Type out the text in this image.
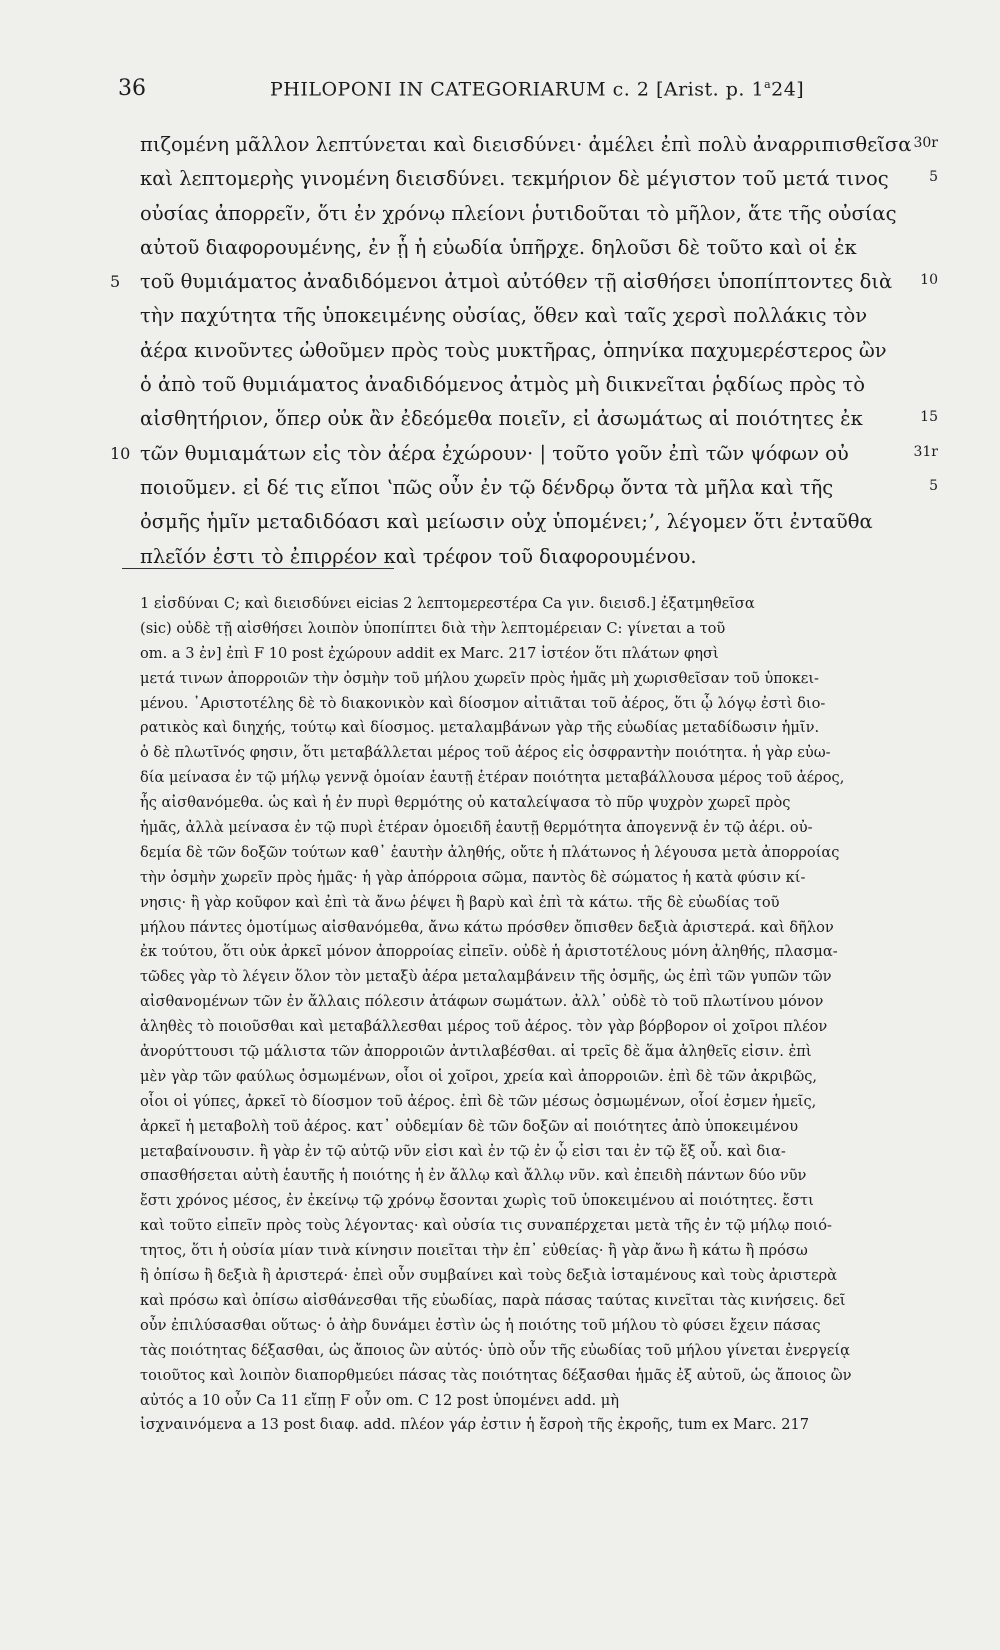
36	PHILOPONI IN CATEGORIARUM c. 2 [Arist. p. 1$^a$24]
πιζομένη μᾶλλον λεπτύνεται καὶ διεισδύνει· ἀμέλει ἐπὶ πολὺ ἀναρριπισθεῖσα 30r
καὶ λεπτομερὴς γινομένη διεισδύνει. τεκμήριον δὲ μέγιστον τοῦ μετά τινος	5
οὐσίας ἀπορρεῖν, ὅτι ἐν χρόνῳ πλείονι ῥυτιδοῦται τὸ μῆλον, ἅτε τῆς οὐσίας
αὐτοῦ διαφορουμένης, ἐν ᾗ ἡ εὐωδία ὑπῆρχε. δηλοῦσι δὲ τοῦτο καὶ οἱ ἐκ
5 τοῦ θυμιάματος ἀναδιδόμενοι ἀτμοὶ αὐτόθεν τῇ αἰσθήσει ὑποπίπτοντες διὰ 10
τὴν παχύτητα τῆς ὑποκειμένης οὐσίας, ὅθεν καὶ ταῖς χερσὶ πολλάκις τὸν
ἀέρα κινοῦντες ὠθοῦμεν πρὸς τοὺς μυκτῆρας, ὁπηνίκα παχυμερέστερος ὢν
ὁ ἀπὸ τοῦ θυμιάματος ἀναδιδόμενος ἀτμὸς μὴ διικνεῖται ῥᾳδίως πρὸς τὸ
αἰσθητήριον, ὅπερ οὐκ ἂν ἐδεόμεθα ποιεῖν, εἰ ἀσωμάτως αἱ ποιότητες ἐκ	15
10 τῶν θυμιαμάτων εἰς τὸν ἀέρα ἐχώρουν· | τοῦτο γοῦν ἐπὶ τῶν ψόφων οὐ	31r
ποιοῦμεν. εἰ δέ τις εἴποι ʽπῶς οὖν ἐν τῷ δένδρῳ ὄντα τὰ μῆλα καὶ τῆς	5
ὀσμῆς ἡμῖν μεταδιδόασι καὶ μείωσιν οὐχ ὑπομένει;ʼ, λέγομεν ὅτι ἐνταῦθα
πλεῖόν ἐστι τὸ ἐπιρρέον καὶ τρέφον τοῦ διαφορουμένου.
1 εἰσδύναι C; καὶ διεισδύνει eicias 2 λεπτομερεστέρα Ca γιν. διεισδ.] ἐξατμηθεῖσα
(sic) οὐδὲ τῇ αἰσθήσει λοιπὸν ὑποπίπτει διὰ τὴν λεπτομέρειαν C: γίνεται a τοῦ
om. a 3 ἐν] ἐπὶ F 10 post ἐχώρουν addit ex Marc. 217 ἰστέον ὅτι πλάτων φησὶ
μετά τινων ἀπορροιῶν τὴν ὀσμὴν τοῦ μήλου χωρεῖν πρὸς ἡμᾶς μὴ χωρισθεῖσαν τοῦ ὑποκει-
μένου. ᾿Αριστοτέλης δὲ τὸ διακονικὸν καὶ δίοσμον αἰτιᾶται τοῦ ἀέρος, ὅτι ᾧ λόγῳ ἐστὶ διο-
ρατικὸς καὶ διηχής, τούτῳ καὶ δίοσμος. μεταλαμβάνων γὰρ τῆς εὐωδίας μεταδίδωσιν ἡμῖν.
ὁ δὲ πλωτῖνός φησιν, ὅτι μεταβάλλεται μέρος τοῦ ἀέρος εἰς ὀσφραντὴν ποιότητα. ἡ γὰρ εὐω-
δία μείνασα ἐν τῷ μήλῳ γεννᾷ ὁμοίαν ἑαυτῇ ἑτέραν ποιότητα μεταβάλλουσα μέρος τοῦ ἀέρος,
ἧς αἰσθανόμεθα. ὡς καὶ ἡ ἐν πυρὶ θερμότης οὐ καταλείψασα τὸ πῦρ ψυχρὸν χωρεῖ πρὸς
ἡμᾶς, ἀλλὰ μείνασα ἐν τῷ πυρὶ ἑτέραν ὁμοειδῆ ἑαυτῇ θερμότητα ἀπογεννᾷ ἐν τῷ ἀέρι. οὐ-
δεμία δὲ τῶν δοξῶν τούτων καθ᾿ ἑαυτὴν ἀληθής, οὔτε ἡ πλάτωνος ἡ λέγουσα μετὰ ἀπορροίας
τὴν ὀσμὴν χωρεῖν πρὸς ἡμᾶς· ἡ γὰρ ἀπόρροια σῶμα, παντὸς δὲ σώματος ἡ κατὰ φύσιν κί-
νησις· ἢ γὰρ κοῦφον καὶ ἐπὶ τὰ ἄνω ῥέψει ἢ βαρὺ καὶ ἐπὶ τὰ κάτω. τῆς δὲ εὐωδίας τοῦ
μήλου πάντες ὁμοτίμως αἰσθανόμεθα, ἄνω κάτω πρόσθεν ὄπισθεν δεξιὰ ἀριστερά. καὶ δῆλον
ἐκ τούτου, ὅτι οὐκ ἀρκεῖ μόνον ἀπορροίας εἰπεῖν. οὐδὲ ἡ ἀριστοτέλους μόνη ἀληθής, πλασμα-
τῶδες γὰρ τὸ λέγειν ὅλον τὸν μεταξὺ ἀέρα μεταλαμβάνειν τῆς ὀσμῆς, ὡς ἐπὶ τῶν γυπῶν τῶν
αἰσθανομένων τῶν ἐν ἄλλαις πόλεσιν ἀτάφων σωμάτων. ἀλλ᾿ οὐδὲ τὸ τοῦ πλωτίνου μόνον
ἀληθὲς τὸ ποιοῦσθαι καὶ μεταβάλλεσθαι μέρος τοῦ ἀέρος. τὸν γὰρ βόρβορον οἱ χοῖροι πλέον
ἀνορύττουσι τῷ μάλιστα τῶν ἀπορροιῶν ἀντιλαβέσθαι. αἱ τρεῖς δὲ ἅμα ἀληθεῖς εἰσιν. ἐπὶ
μὲν γὰρ τῶν φαύλως ὀσμωμένων, οἷοι οἱ χοῖροι, χρεία καὶ ἀπορροιῶν. ἐπὶ δὲ τῶν ἀκριβῶς,
οἷοι οἱ γύπες, ἀρκεῖ τὸ δίοσμον τοῦ ἀέρος. ἐπὶ δὲ τῶν μέσως ὀσμωμένων, οἷοί ἐσμεν ἡμεῖς,
ἀρκεῖ ἡ μεταβολὴ τοῦ ἀέρος. κατ᾿ οὐδεμίαν δὲ τῶν δοξῶν αἱ ποιότητες ἀπὸ ὑποκειμένου
μεταβαίνουσιν. ἢ γὰρ ἐν τῷ αὐτῷ νῦν εἰσι καὶ ἐν τῷ ἐν ᾧ εἰσι ται ἐν τῷ ἔξ οὗ. καὶ δια-
σπασθήσεται αὐτὴ ἑαυτῆς ἡ ποιότης ἡ ἐν ἄλλῳ καὶ ἄλλῳ νῦν. καὶ ἐπειδὴ πάντων δύο νῦν
ἔστι χρόνος μέσος, ἐν ἐκείνῳ τῷ χρόνῳ ἔσονται χωρὶς τοῦ ὑποκειμένου αἱ ποιότητες. ἔστι
καὶ τοῦτο εἰπεῖν πρὸς τοὺς λέγοντας· καὶ οὐσία τις συναπέρχεται μετὰ τῆς ἐν τῷ μήλῳ ποιό-
τητος, ὅτι ἡ οὐσία μίαν τινὰ κίνησιν ποιεῖται τὴν ἐπ᾿ εὐθείας· ἢ γὰρ ἄνω ἢ κάτω ἢ πρόσω
ἢ ὀπίσω ἢ δεξιὰ ἢ ἀριστερά· ἐπεὶ οὖν συμβαίνει καὶ τοὺς δεξιὰ ἱσταμένους καὶ τοὺς ἀριστερὰ
καὶ πρόσω καὶ ὀπίσω αἰσθάνεσθαι τῆς εὐωδίας, παρὰ πάσας ταύτας κινεῖται τὰς κινήσεις. δεῖ
οὖν ἐπιλύσασθαι οὕτως· ὁ ἀὴρ δυνάμει ἐστὶν ὡς ἡ ποιότης τοῦ μήλου τὸ φύσει ἔχειν πάσας
τὰς ποιότητας δέξασθαι, ὡς ἄποιος ὢν αὐτός· ὑπὸ οὖν τῆς εὐωδίας τοῦ μήλου γίνεται ἐνεργείᾳ
τοιοῦτος καὶ λοιπὸν διαπορθμεύει πάσας τὰς ποιότητας δέξασθαι ἡμᾶς ἐξ αὐτοῦ, ὡς ἄποιος ὢν
αὐτός a 10 οὖν Ca 11 εἴπῃ F οὖν om. C 12 post ὑπομένει add. μὴ
ἰσχναινόμενα a 13 post διαφ. add. πλέον γάρ ἐστιν ἡ ἔσροὴ τῆς ἐκροῆς, tum ex Marc. 217
